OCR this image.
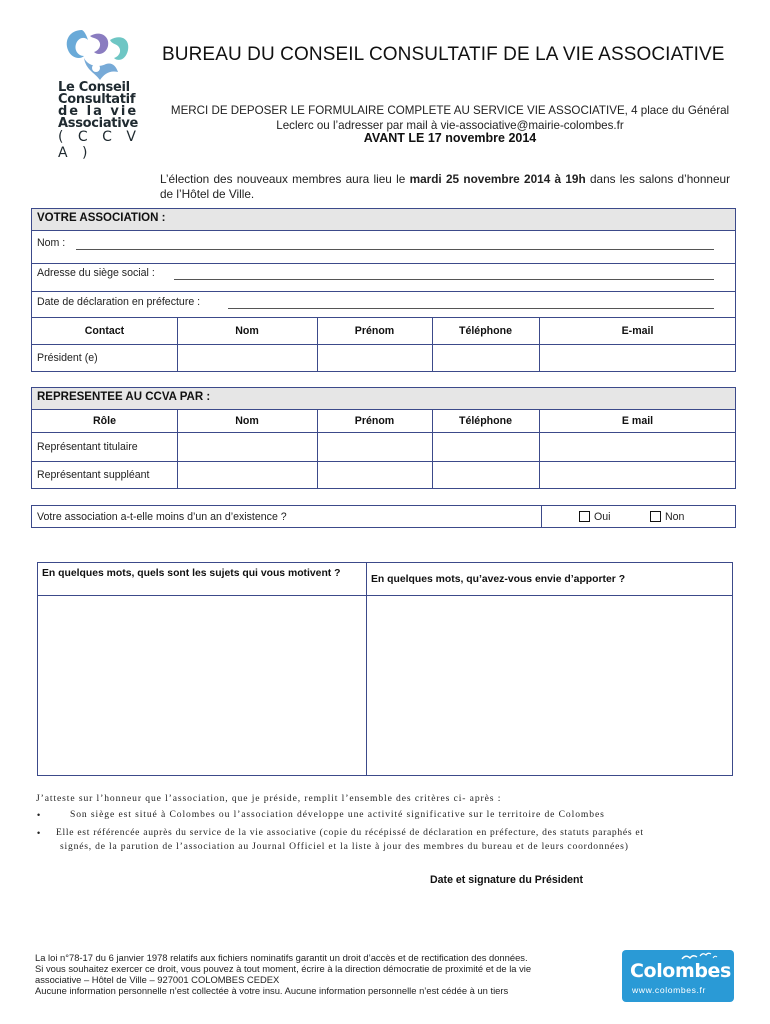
Le Conseil
Consultatif
de la vie
Associative
( C C V A )
BUREAU DU CONSEIL CONSULTATIF DE LA VIE ASSOCIATIVE
MERCI DE DEPOSER LE FORMULAIRE COMPLETE AU SERVICE VIE ASSOCIATIVE, 4 place du Général Leclerc ou l’adresser par mail à vie-associative@mairie-colombes.fr
AVANT LE 17 novembre 2014
L’élection des nouveaux membres aura lieu le mardi 25 novembre 2014 à 19h dans les salons d’honneur de l’Hôtel de Ville.
VOTRE ASSOCIATION :
Nom :
Adresse du siège social :
Date de déclaration en préfecture :
Contact	Nom	Prénom	Téléphone	E-mail
Président (e)
REPRESENTEE AU CCVA PAR :
Rôle	Nom	Prénom	Téléphone	E mail
Représentant titulaire
Représentant suppléant
Votre association a-t-elle moins d’un an d’existence ?	Oui	Non
En quelques mots, quels sont les sujets qui vous motivent ?
En quelques mots, qu’avez-vous envie d’apporter ?
J’atteste sur l’honneur que l’association, que je préside, remplit l’ensemble des critères ci- après :
•	Son siège est situé à Colombes ou l’association développe une activité significative sur le territoire de Colombes
• Elle est référencée auprès du service de la vie associative (copie du récépissé de déclaration en préfecture, des statuts paraphés et
signés, de la parution de l’association au Journal Officiel et la liste à jour des membres du bureau et de leurs coordonnées)
Date et signature du Président
La loi n°78-17 du 6 janvier 1978 relatifs aux fichiers nominatifs garantit un droit d’accès et de rectification des données.
Si vous souhaitez exercer ce droit, vous pouvez à tout moment, écrire à la direction démocratie de proximité et de la vie
associative – Hôtel de Ville – 927001 COLOMBES CEDEX
Aucune information personnelle n’est collectée à votre insu. Aucune information personnelle n’est cédée à un tiers
Colombes
www.colombes.fr
